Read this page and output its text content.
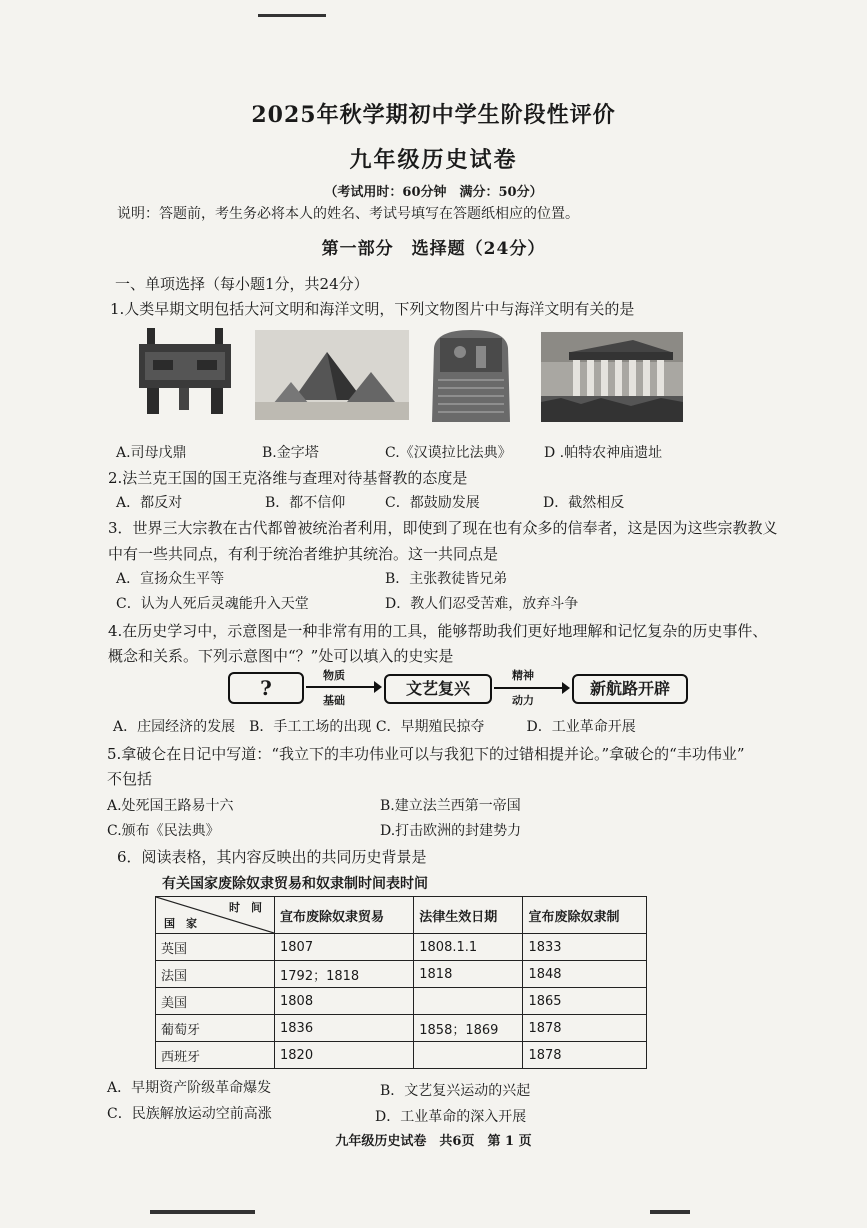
2025年秋学期初中学生阶段性评价
九年级历史试卷
（考试用时：60分钟　满分：50分）
说明：答题前，考生务必将本人的姓名、考试号填写在答题纸相应的位置。
第一部分　选择题（24分）
一、单项选择（每小题1分，共24分）
1.人类早期文明包括大河文明和海洋文明，下列文物图片中与海洋文明有关的是
A.司母戊鼎	B.金字塔	C.《汉谟拉比法典》 D .帕特农神庙遗址
2.法兰克王国的国王克洛维与查理对待基督教的态度是
A．都反对	B．都不信仰	C．都鼓励发展	D．截然相反
3．世界三大宗教在古代都曾被统治者利用，即使到了现在也有众多的信奉者，这是因为这些宗教教义
中有一些共同点，有利于统治者维护其统治。这一共同点是
A．宣扬众生平等	B．主张教徒皆兄弟
C．认为人死后灵魂能升入天堂	D．教人们忍受苦难，放弃斗争
4.在历史学习中，示意图是一种非常有用的工具，能够帮助我们更好地理解和记忆复杂的历史事件、
概念和关系。下列示意图中“？”处可以填入的史实是
?
物质
基础
文艺复兴
精神
动力
新航路开辟
A．庄园经济的发展　B．手工工场的出现 C．早期殖民掠夺　　　D．工业革命开展
5.拿破仑在日记中写道：“我立下的丰功伟业可以与我犯下的过错相提并论。”拿破仑的“丰功伟业”
不包括
A.处死国王路易十六	B.建立法兰西第一帝国
C.颁布《民法典》	D.打击欧洲的封建势力
6．阅读表格，其内容反映出的共同历史背景是
有关国家废除奴隶贸易和奴隶制时间表时间
时　间
国　家	宣布废除奴隶贸易	法律生效日期	宣布废除奴隶制
英国	1807	1808.1.1	1833
法国	1792；1818	1818	1848
美国	1808		1865
葡萄牙	1836	1858；1869	1878
西班牙	1820		1878
A．早期资产阶级革命爆发	B．文艺复兴运动的兴起
C．民族解放运动空前高涨	D．工业革命的深入开展
九年级历史试卷　共6页　第 1 页
